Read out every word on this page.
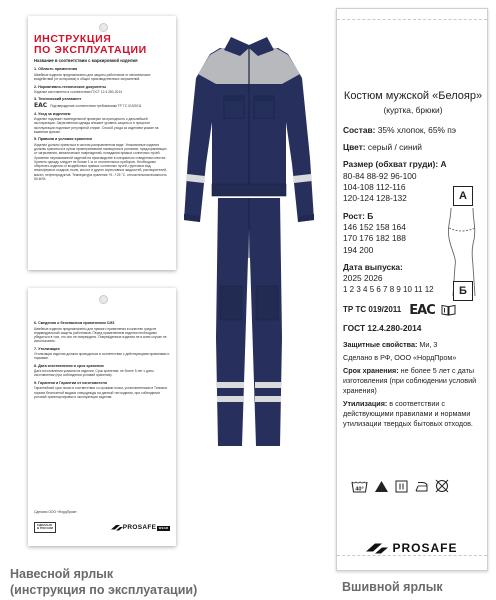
ИНСТРУКЦИЯ
ПО ЭКСПЛУАТАЦИИ
Название в соответствии с маркировкой изделия
1. Область применения
Швейные изделия предназначены для защиты работников от механических воздействий (от истирания) и общих производственных загрязнений.
2. Нормативно-технические документы
Изделие изготовлено в соответствии ГОСТ 12.4.280-2014
3. Технический регламент
ЕАС Подтверждение соответствия требованиям ТР ТС 019/2011
4. Уход за изделием
Изделие подлежит еженедельной проверке на пригодность к дальнейшей эксплуатации. Загрязненная одежда снижает уровень защиты и в процессе эксплуатации подлежит регулярной стирке. Способ ухода за изделием указан на вшивном ярлыке.
5. Правила и условия хранения
Изделие должно храниться в чистом расправленном виде. Упакованные изделия должны храниться в сухом проветриваемом помещении в условиях, предохраняющих от загрязнения, механических повреждений, попадания прямых солнечных лучей. Хранение неупакованной изделий на производстве в специально отведенных местах. Хранить одежду следует не ближе 1 м от отопительных приборов. Необходимо оберегать изделия от воздействия прямых солнечных лучей, грунтовых вод, атмосферных осадков, пыли, кислот и других агрессивных жидкостей, растворителей, масел, нефтепродуктов. Температура хранения +5...+25 °С, относительная влажность 50-60%.
6. Сведения о безопасном применении СИЗ
Швейные изделия предназначены для прямого применения в качестве средств индивидуальной защиты работников. Перед применением изделия необходимо убедиться в том, что оно не повреждено. Поврежденные изделия не в коем случае не использовать.
7. Утилизация
Утилизация изделия должна проводиться в соответствии с действующими правилами и нормами.
8. Дата изготовления и срок хранения
Дата изготовления указана на изделии. Срок хранения: не более 5 лет с даты изготовления (при соблюдении условий хранения).
9. Гарантия и Гарантии от изготовителя
Гарантийный срок носки в соответствии со сроками носки, установленными в Типовых нормах бесплатной выдачи спецодежды на данный тип изделия, при соблюдении условий транспортировки и эксплуатации изделия.
Сделано ООО «НордПром»
СДЕЛАНО
В РОССИИ	PROSAFE WEAR
Костюм мужской «Белояр»
(куртка, брюки)
Состав: 35% хлопок, 65% пэ
Цвет: серый / синий
Размер (обхват груди): А
80-84 88-92 96-100
104-108 112-116
120-124 128-132
Рост: Б
146 152 158 164
170 176 182 188
194 200
Дата выпуска:
2025 2026
1 2 3 4 5 6 7 8 9 10 11 12
ТР ТС 019/2011 ЕАС
ГОСТ 12.4.280-2014
Защитные свойства: Ми, 3
Сделано в РФ, ООО «НордПром»
Срок хранения: не более 5 лет с даты изготовления (при соблюдении условий хранения)
Утилизация: в соответствии с действующими правилами и нормами утилизации твердых бытовых отходов.
А
Б
40°
PROSAFE
Навесной ярлык
(инструкция по эксплуатации)	Вшивной ярлык
